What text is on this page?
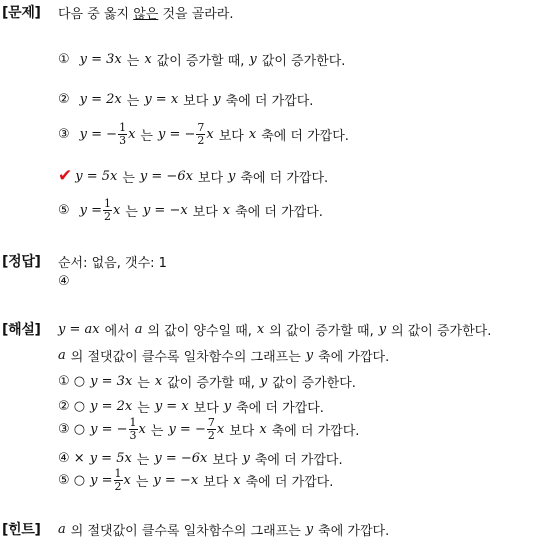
[문제] 다음 중 옳지 않은 것을 골라라.
① y = 3x 는 x 값이 증가할 때, y 값이 증가한다.
② y = 2x 는 y = x 보다 y 축에 더 가깝다.
③ y = − $\frac{1}{3}$ x 는 y = − $\frac{7}{2}$ x 보다 x 축에 더 가깝다.
✔ y = 5x 는 y = −6x 보다 y 축에 더 가깝다.
⑤ $y = \frac{1}{2}$ x 는 y = −x 보다 x 축에 더 가깝다.
[정답] 순서: 없음, 갯수: 1
④
[해설] y = ax 에서 a 의 값이 양수일 때, x 의 값이 증가할 때, y 의 값이 증가한다.
a 의 절댓값이 클수록 일차함수의 그래프는 y 축에 가깝다.
① ○ y = 3x 는 x 값이 증가할 때, y 값이 증가한다.
② ○ y = 2x 는 y = x 보다 y 축에 더 가깝다.
③ ○ y = − $\frac{1}{3}$ x 는 y = − $\frac{7}{2}$ x 보다 x 축에 더 가깝다.
④ × y = 5x 는 y = −6x 보다 y 축에 더 가깝다.
⑤ ○ $y = \frac{1}{2}$ x 는 y = −x 보다 x 축에 더 가깝다.
[힌트] a 의 절댓값이 클수록 일차함수의 그래프는 y 축에 가깝다.
